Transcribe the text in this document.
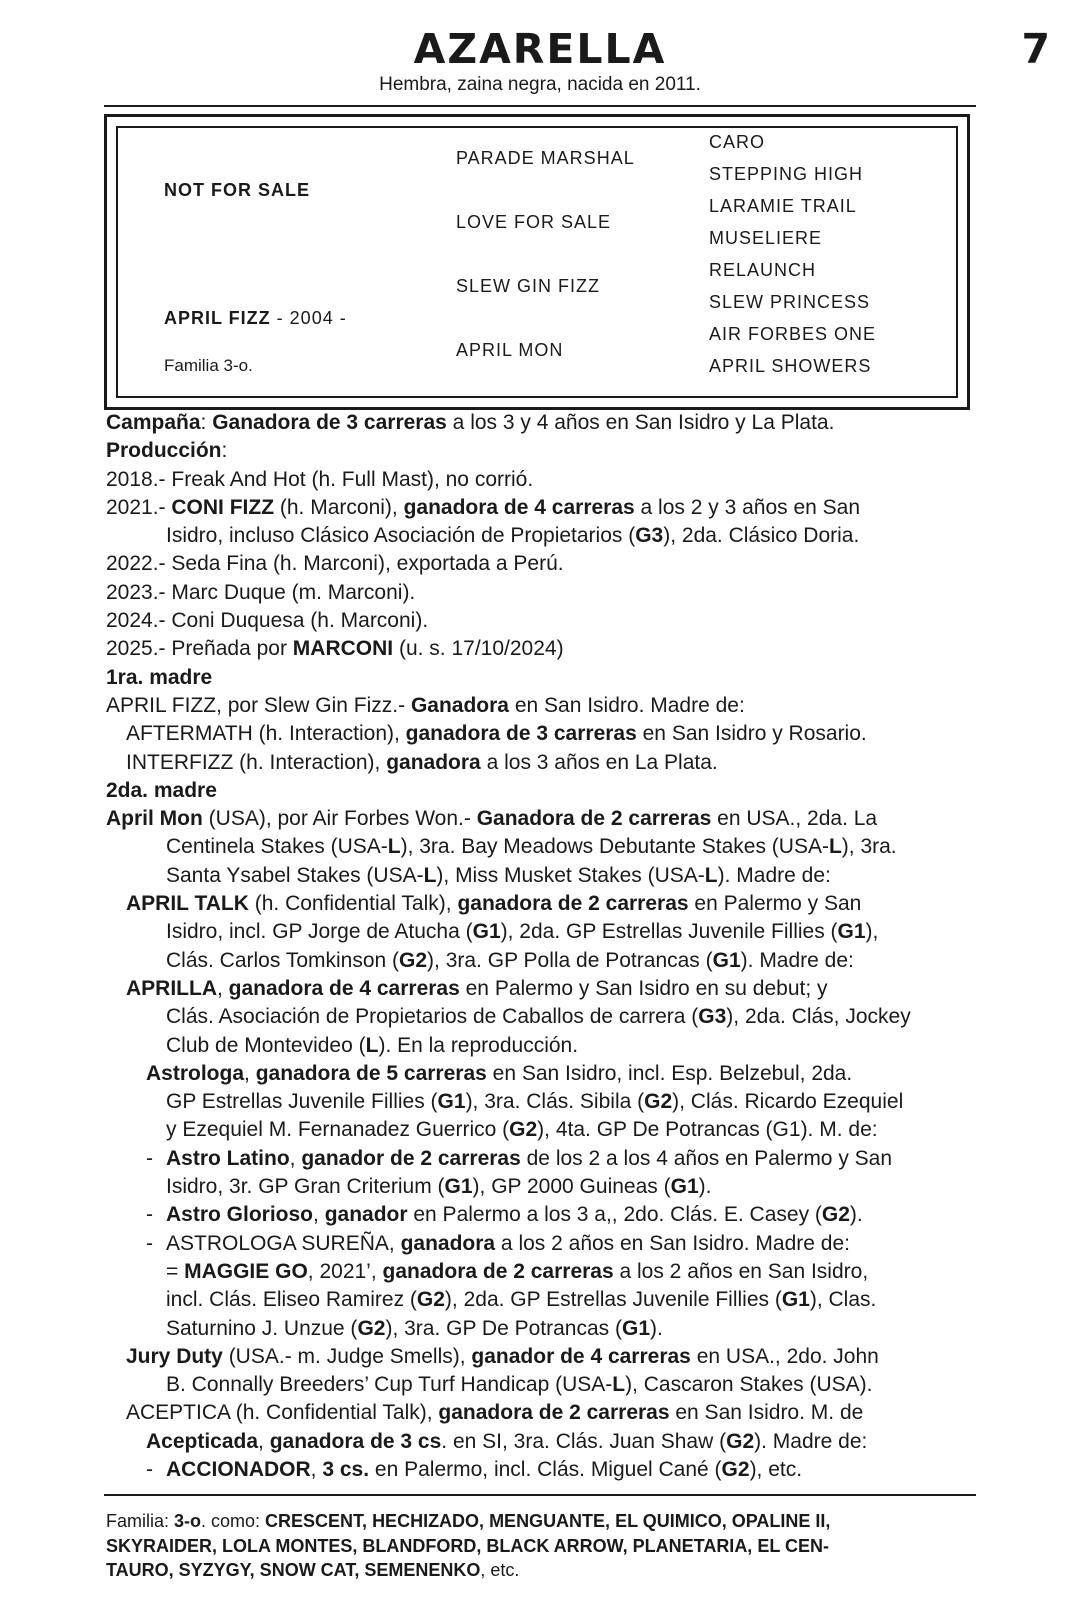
AZARELLA	7
Hembra, zaina negra, nacida en 2011.
NOT FOR SALE
APRIL FIZZ - 2004 -
Familia 3-o.
PARADE MARSHAL
LOVE FOR SALE
SLEW GIN FIZZ
APRIL MON
CARO
STEPPING HIGH
LARAMIE TRAIL
MUSELIERE
RELAUNCH
SLEW PRINCESS
AIR FORBES ONE
APRIL SHOWERS
Campaña: Ganadora de 3 carreras a los 3 y 4 años en San Isidro y La Plata.
Producción:
2018.- Freak And Hot (h. Full Mast), no corrió.
2021.- CONI FIZZ (h. Marconi), ganadora de 4 carreras a los 2 y 3 años en San
Isidro, incluso Clásico Asociación de Propietarios (G3), 2da. Clásico Doria.
2022.- Seda Fina (h. Marconi), exportada a Perú.
2023.- Marc Duque (m. Marconi).
2024.- Coni Duquesa (h. Marconi).
2025.- Preñada por MARCONI (u. s. 17/10/2024)
1ra. madre
APRIL FIZZ, por Slew Gin Fizz.- Ganadora en San Isidro. Madre de:
AFTERMATH (h. Interaction), ganadora de 3 carreras en San Isidro y Rosario.
INTERFIZZ (h. Interaction), ganadora a los 3 años en La Plata.
2da. madre
April Mon (USA), por Air Forbes Won.- Ganadora de 2 carreras en USA., 2da. La
Centinela Stakes (USA-L), 3ra. Bay Meadows Debutante Stakes (USA-L), 3ra.
Santa Ysabel Stakes (USA-L), Miss Musket Stakes (USA-L). Madre de:
APRIL TALK (h. Confidential Talk), ganadora de 2 carreras en Palermo y San
Isidro, incl. GP Jorge de Atucha (G1), 2da. GP Estrellas Juvenile Fillies (G1),
Clás. Carlos Tomkinson (G2), 3ra. GP Polla de Potrancas (G1). Madre de:
APRILLA, ganadora de 4 carreras en Palermo y San Isidro en su debut; y
Clás. Asociación de Propietarios de Caballos de carrera (G3), 2da. Clás, Jockey
Club de Montevideo (L). En la reproducción.
Astrologa, ganadora de 5 carreras en San Isidro, incl. Esp. Belzebul, 2da.
GP Estrellas Juvenile Fillies (G1), 3ra. Clás. Sibila (G2), Clás. Ricardo Ezequiel
y Ezequiel M. Fernanadez Guerrico (G2), 4ta. GP De Potrancas (G1). M. de:
- Astro Latino, ganador de 2 carreras de los 2 a los 4 años en Palermo y San
Isidro, 3r. GP Gran Criterium (G1), GP 2000 Guineas (G1).
- Astro Glorioso, ganador en Palermo a los 3 a,, 2do. Clás. E. Casey (G2).
- ASTROLOGA SUREÑA, ganadora a los 2 años en San Isidro. Madre de:
= MAGGIE GO, 2021’, ganadora de 2 carreras a los 2 años en San Isidro,
incl. Clás. Eliseo Ramirez (G2), 2da. GP Estrellas Juvenile Fillies (G1), Clas.
Saturnino J. Unzue (G2), 3ra. GP De Potrancas (G1).
Jury Duty (USA.- m. Judge Smells), ganador de 4 carreras en USA., 2do. John
B. Connally Breeders’ Cup Turf Handicap (USA-L), Cascaron Stakes (USA).
ACEPTICA (h. Confidential Talk), ganadora de 2 carreras en San Isidro. M. de
Acepticada, ganadora de 3 cs. en SI, 3ra. Clás. Juan Shaw (G2). Madre de:
- ACCIONADOR, 3 cs. en Palermo, incl. Clás. Miguel Cané (G2), etc.
Familia: 3-o. como: CRESCENT, HECHIZADO, MENGUANTE, EL QUIMICO, OPALINE II,
SKYRAIDER, LOLA MONTES, BLANDFORD, BLACK ARROW, PLANETARIA, EL CEN-
TAURO, SYZYGY, SNOW CAT, SEMENENKO, etc.
